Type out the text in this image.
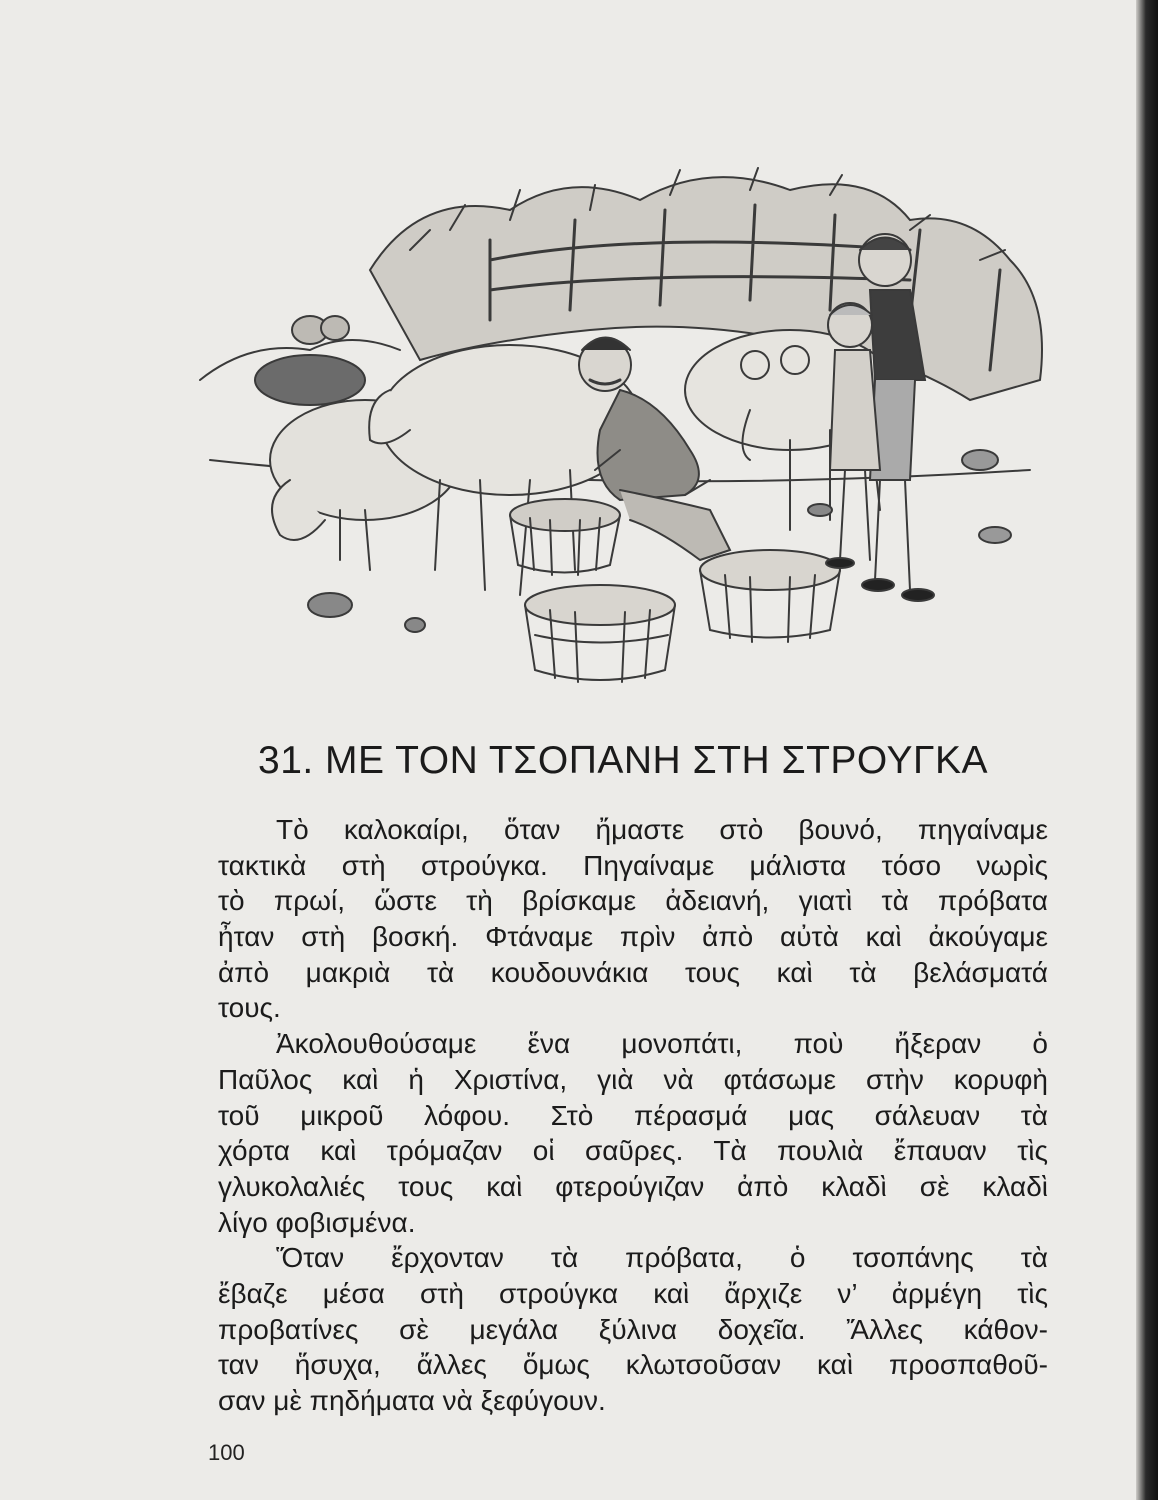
31. ΜΕ ΤΟΝ ΤΣΟΠΑΝΗ ΣΤΗ ΣΤΡΟΥΓΚΑ
Τὸ καλοκαίρι, ὅταν ἤμαστε στὸ βουνό, πηγαίναμε
τακτικὰ στὴ στρούγκα. Πηγαίναμε μάλιστα τόσο νωρὶς
τὸ πρωί, ὥστε τὴ βρίσκαμε ἀδειανή, γιατὶ τὰ πρόβατα
ἦταν στὴ βοσκή. Φτάναμε πρὶν ἀπὸ αὐτὰ καὶ ἀκούγαμε
ἀπὸ μακριὰ τὰ κουδουνάκια τους καὶ τὰ βελάσματά
τους.
Ἀκολουθούσαμε ἕνα μονοπάτι, ποὺ ἤξεραν ὁ
Παῦλος καὶ ἡ Χριστίνα, γιὰ νὰ φτάσωμε στὴν κορυφὴ
τοῦ μικροῦ λόφου. Στὸ πέρασμά μας σάλευαν τὰ
χόρτα καὶ τρόμαζαν οἱ σαῦρες. Τὰ πουλιὰ ἔπαυαν τὶς
γλυκολαλιές τους καὶ φτερούγιζαν ἀπὸ κλαδὶ σὲ κλαδὶ
λίγο φοβισμένα.
Ὅταν ἔρχονταν τὰ πρόβατα, ὁ τσοπάνης τὰ
ἔβαζε μέσα στὴ στρούγκα καὶ ἄρχιζε ν’ ἀρμέγη τὶς
προβατίνες σὲ μεγάλα ξύλινα δοχεῖα. Ἄλλες κάθον-
ταν ἥσυχα, ἄλλες ὅμως κλωτσοῦσαν καὶ προσπαθοῦ-
σαν μὲ πηδήματα νὰ ξεφύγουν.
100
